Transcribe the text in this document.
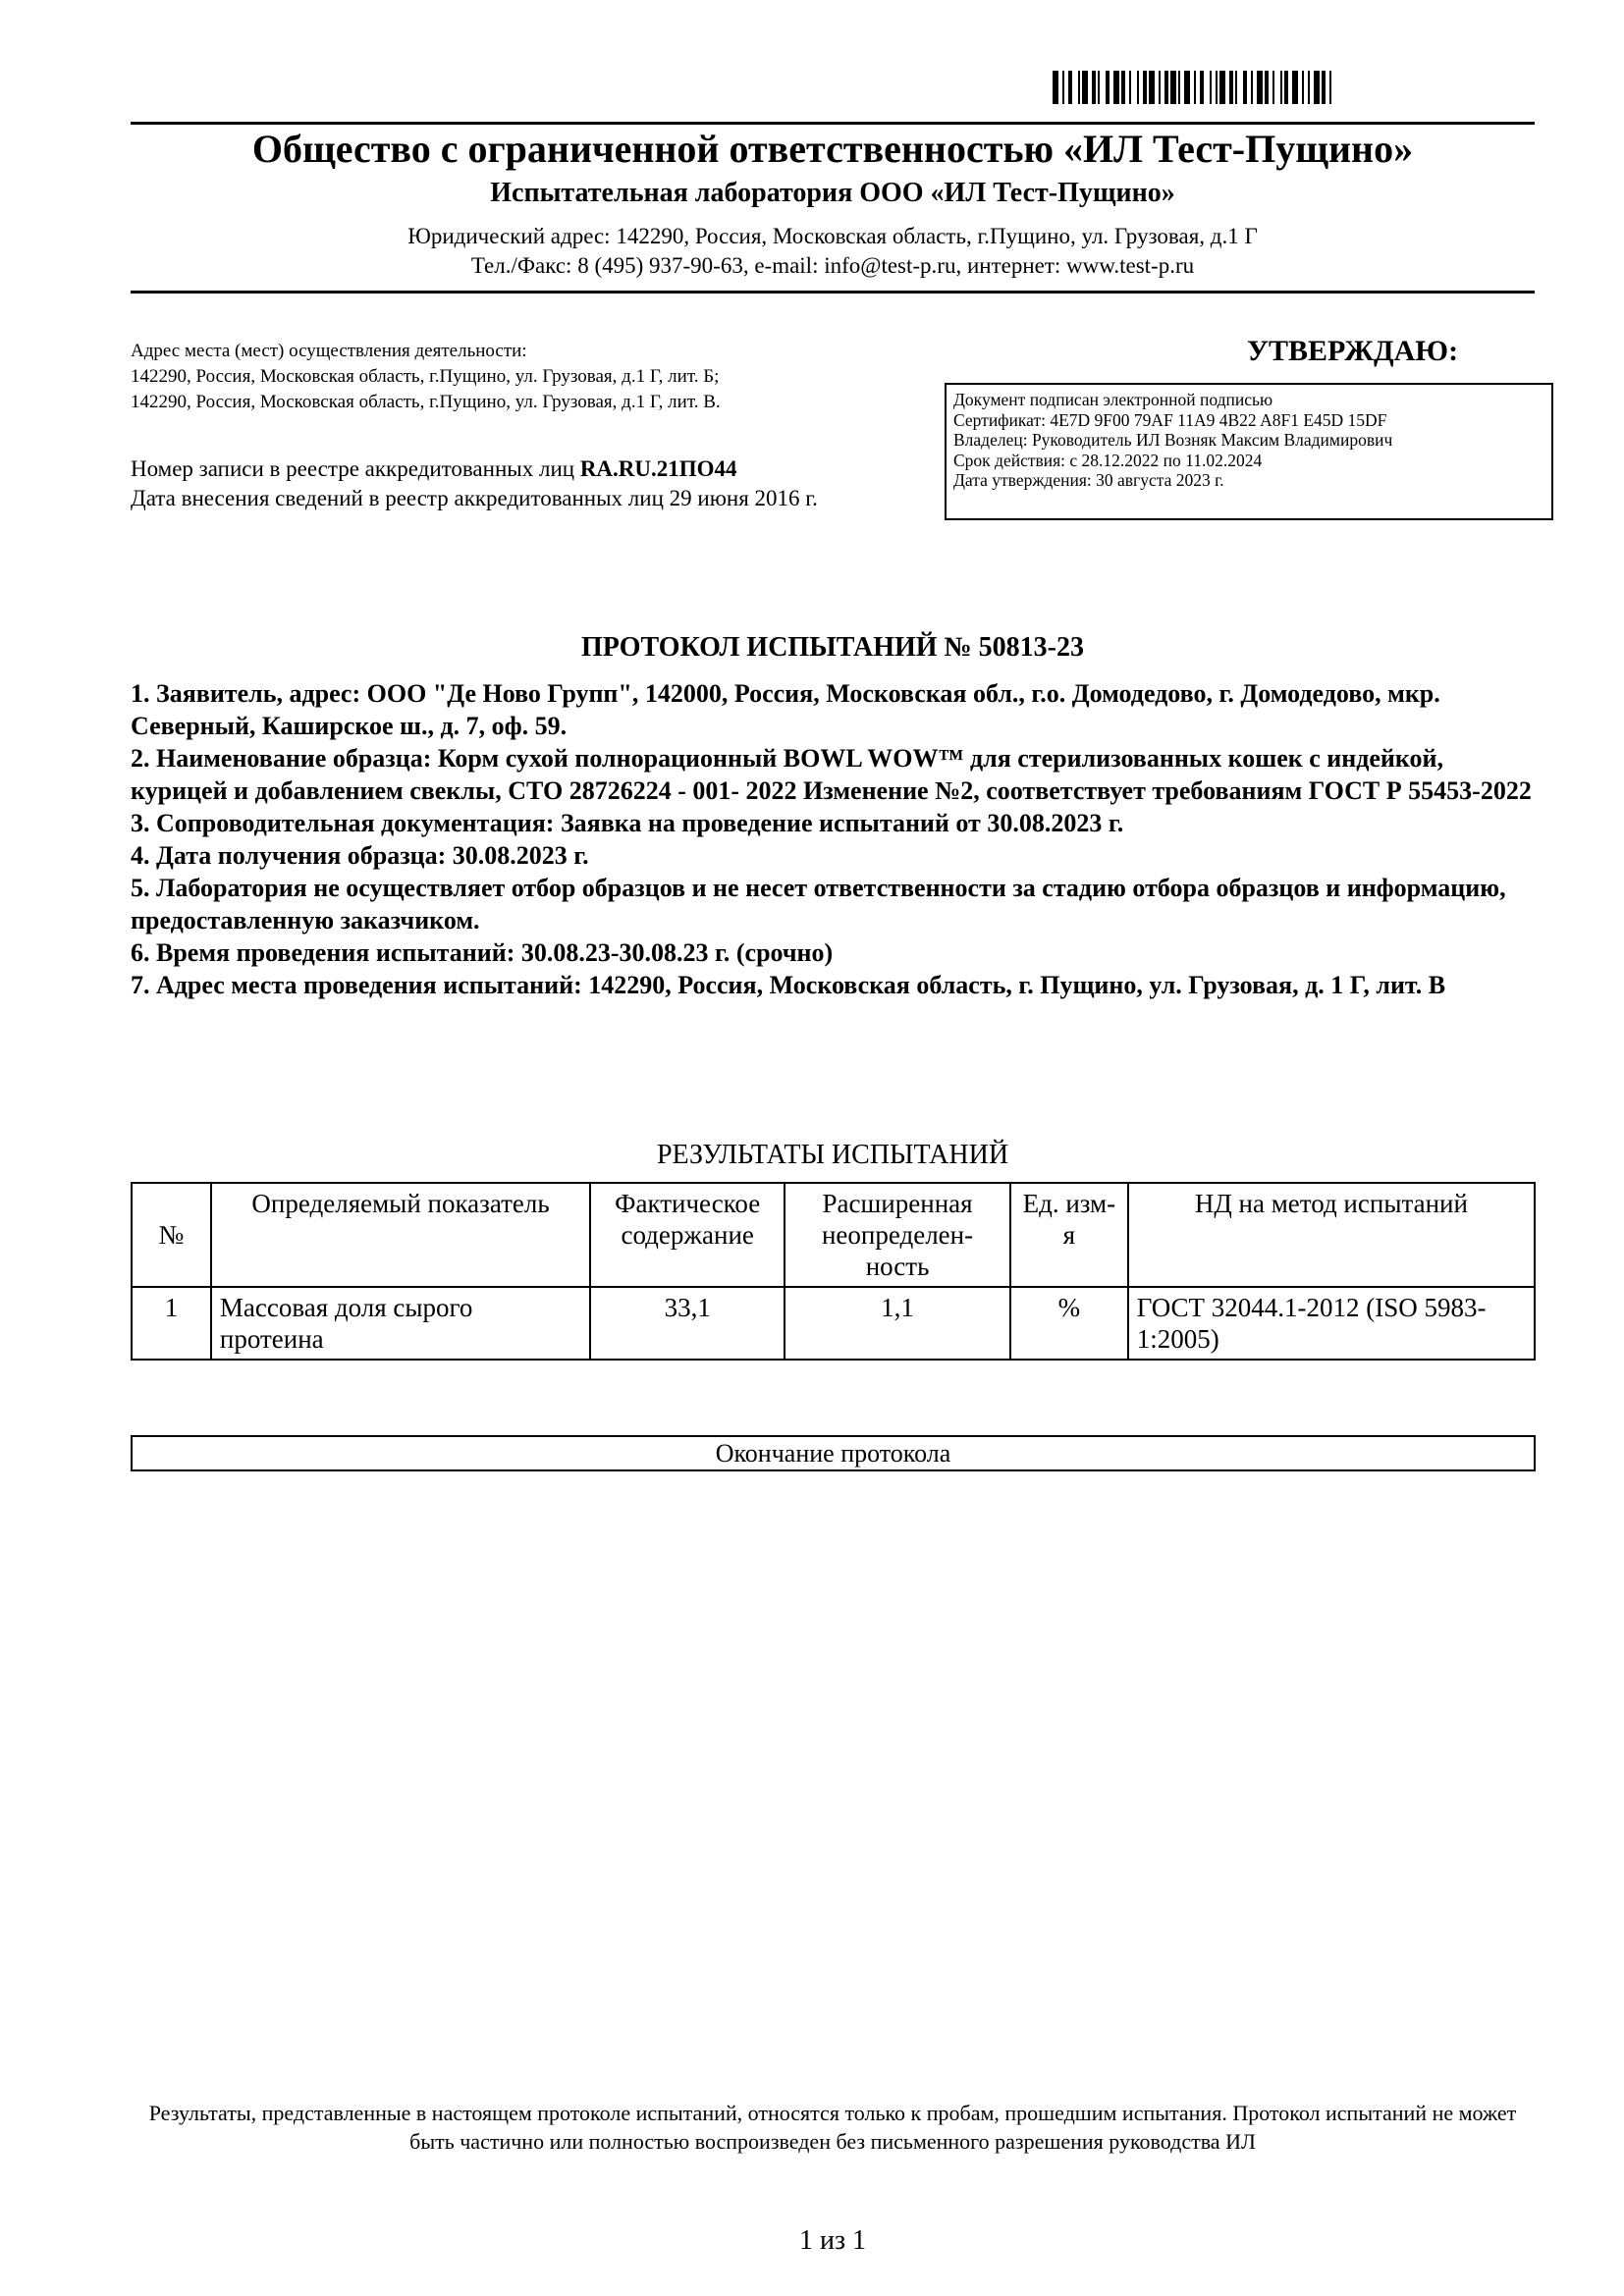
Общество с ограниченной ответственностью «ИЛ Тест-Пущино»
Испытательная лаборатория ООО «ИЛ Тест-Пущино»
Юридический адрес: 142290, Россия, Московская область, г.Пущино, ул. Грузовая, д.1 Г
Тел./Факс: 8 (495) 937-90-63, e-mail: info@test-p.ru, интернет: www.test-p.ru
Адрес места (мест) осуществления деятельности:
142290, Россия, Московская область, г.Пущино, ул. Грузовая, д.1 Г, лит. Б;
142290, Россия, Московская область, г.Пущино, ул. Грузовая, д.1 Г, лит. В.
Номер записи в реестре аккредитованных лиц RA.RU.21ПО44
Дата внесения сведений в реестр аккредитованных лиц 29 июня 2016 г.
УТВЕРЖДАЮ:
Документ подписан электронной подписью
Сертификат: 4E7D 9F00 79AF 11A9 4B22 A8F1 E45D 15DF
Владелец: Руководитель ИЛ Возняк Максим Владимирович
Срок действия: с 28.12.2022 по 11.02.2024
Дата утверждения: 30 августа 2023 г.
ПРОТОКОЛ ИСПЫТАНИЙ № 50813-23

1. Заявитель, адрес: ООО "Де Ново Групп", 142000, Россия, Московская обл., г.о. Домодедово, г. Домодедово, мкр. Северный, Каширское ш., д. 7, оф. 59.

2. Наименование образца: Корм сухой полнорационный BOWL WOW™ для стерилизованных кошек с индейкой, курицей и добавлением свеклы, СТО 28726224 - 001- 2022 Изменение №2, соответствует требованиям ГОСТ Р 55453-2022

3. Сопроводительная документация: Заявка на проведение испытаний от 30.08.2023 г.

4. Дата получения образца: 30.08.2023 г.

5. Лаборатория не осуществляет отбор образцов и не несет ответственности за стадию отбора образцов и информацию, предоставленную заказчиком.

6. Время проведения испытаний: 30.08.23-30.08.23 г. (срочно)

7. Адрес места проведения испытаний: 142290, Россия, Московская область, г. Пущино, ул. Грузовая, д. 1 Г, лит. В

РЕЗУЛЬТАТЫ ИСПЫТАНИЙ
№	Определяемый показатель	Фактическое содержание	Расширенная неопределен-ность	Ед. изм-я	НД на метод испытаний
1	Массовая доля сырого протеина	33,1	1,1	%	ГОСТ 32044.1-2012 (ISO 5983-1:2005)
Окончание протокола
Результаты, представленные в настоящем протоколе испытаний, относятся только к пробам, прошедшим испытания. Протокол испытаний не может быть частично или полностью воспроизведен без письменного разрешения руководства ИЛ
1 из 1
